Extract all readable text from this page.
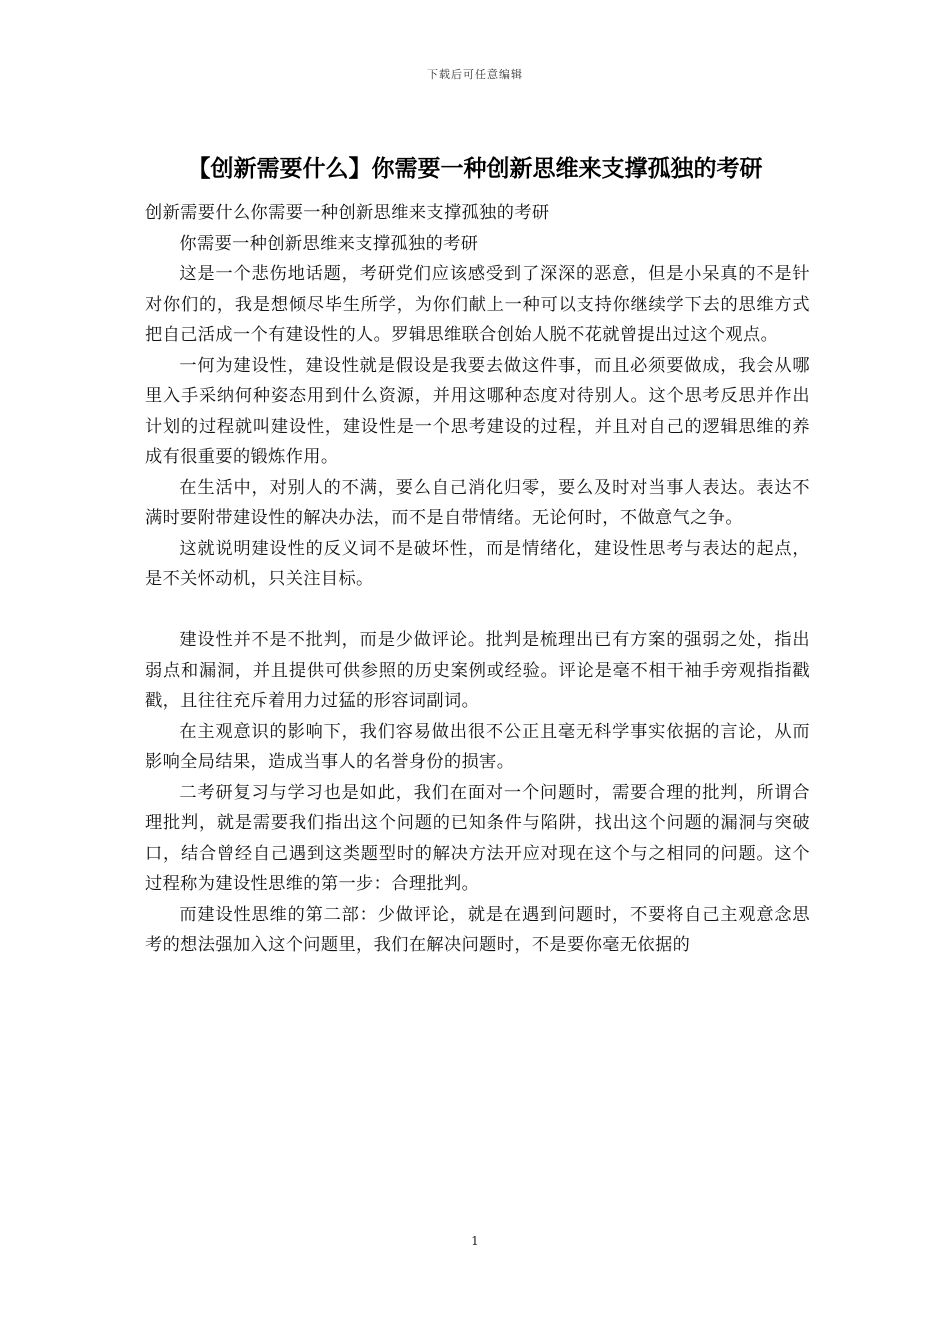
下载后可任意编辑
【创新需要什么】你需要一种创新思维来支撑孤独的考研

创新需要什么你需要一种创新思维来支撑孤独的考研

你需要一种创新思维来支撑孤独的考研

这是一个悲伤地话题，考研党们应该感受到了深深的恶意，但是小呆真的不是针对你们的，我是想倾尽毕生所学，为你们献上一种可以支持你继续学下去的思维方式把自己活成一个有建设性的人。罗辑思维联合创始人脱不花就曾提出过这个观点。

一何为建设性，建设性就是假设是我要去做这件事，而且必须要做成，我会从哪里入手采纳何种姿态用到什么资源，并用这哪种态度对待别人。这个思考反思并作出计划的过程就叫建设性，建设性是一个思考建设的过程，并且对自己的逻辑思维的养成有很重要的锻炼作用。

在生活中，对别人的不满，要么自己消化归零，要么及时对当事人表达。表达不满时要附带建设性的解决办法，而不是自带情绪。无论何时，不做意气之争。

这就说明建设性的反义词不是破坏性，而是情绪化，建设性思考与表达的起点，是不关怀动机，只关注目标。

建设性并不是不批判，而是少做评论。批判是梳理出已有方案的强弱之处，指出弱点和漏洞，并且提供可供参照的历史案例或经验。评论是毫不相干袖手旁观指指戳戳，且往往充斥着用力过猛的形容词副词。

在主观意识的影响下，我们容易做出很不公正且毫无科学事实依据的言论，从而影响全局结果，造成当事人的名誉身份的损害。

二考研复习与学习也是如此，我们在面对一个问题时，需要合理的批判，所谓合理批判，就是需要我们指出这个问题的已知条件与陷阱，找出这个问题的漏洞与突破口，结合曾经自己遇到这类题型时的解决方法开应对现在这个与之相同的问题。这个过程称为建设性思维的第一步：合理批判。

而建设性思维的第二部：少做评论，就是在遇到问题时，不要将自己主观意念思考的想法强加入这个问题里，我们在解决问题时，不是要你毫无依据的

1
